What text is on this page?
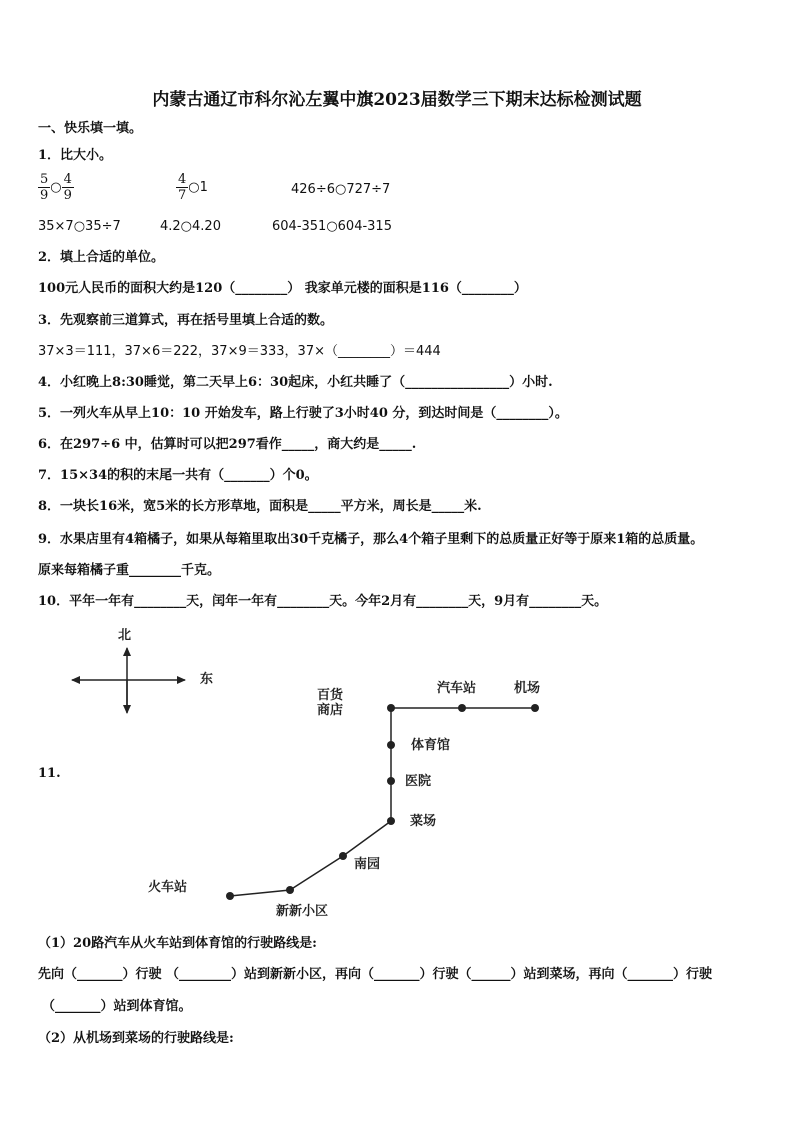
内蒙古通辽市科尔沁左翼中旗2023届数学三下期末达标检测试题
一、快乐填一填。
1．比大小。
$\frac{5}{9}$ ○ $\frac{4}{9}$	$\frac{4}{7}$ ○1	426÷6○727÷7
35×7○35÷7	4.2○4.20	604-351○604-315
2．填上合适的单位。
100元人民币的面积大约是120（________） 我家单元楼的面积是116（________）
3．先观察前三道算式，再在括号里填上合适的数。
37×3＝111，37×6＝222，37×9＝333，37×（________）＝444
4．小红晚上8:30睡觉，第二天早上6：30起床，小红共睡了（________________）小时.
5．一列火车从早上10：10 开始发车，路上行驶了3小时40 分，到达时间是（________）。
6．在297÷6 中，估算时可以把297看作_____，商大约是_____.
7．15×34的积的末尾一共有（_______）个0。
8．一块长16米，宽5米的长方形草地，面积是_____平方米，周长是_____米.
9．水果店里有4箱橘子，如果从每箱里取出30千克橘子，那么4个箱子里剩下的总质量正好等于原来1箱的总质量。
原来每箱橘子重________千克。
10．平年一年有________天，闰年一年有________天。今年2月有________天，9月有________天。
11.
北
东
百货
商店
汽车站	机场
体育馆
医院
菜场
南园
火车站
新新小区
（1）20路汽车从火车站到体育馆的行驶路线是:
先向（_______）行驶 （________）站到新新小区，再向（_______）行驶（______）站到菜场，再向（_______）行驶
（_______）站到体育馆。
（2）从机场到菜场的行驶路线是:
